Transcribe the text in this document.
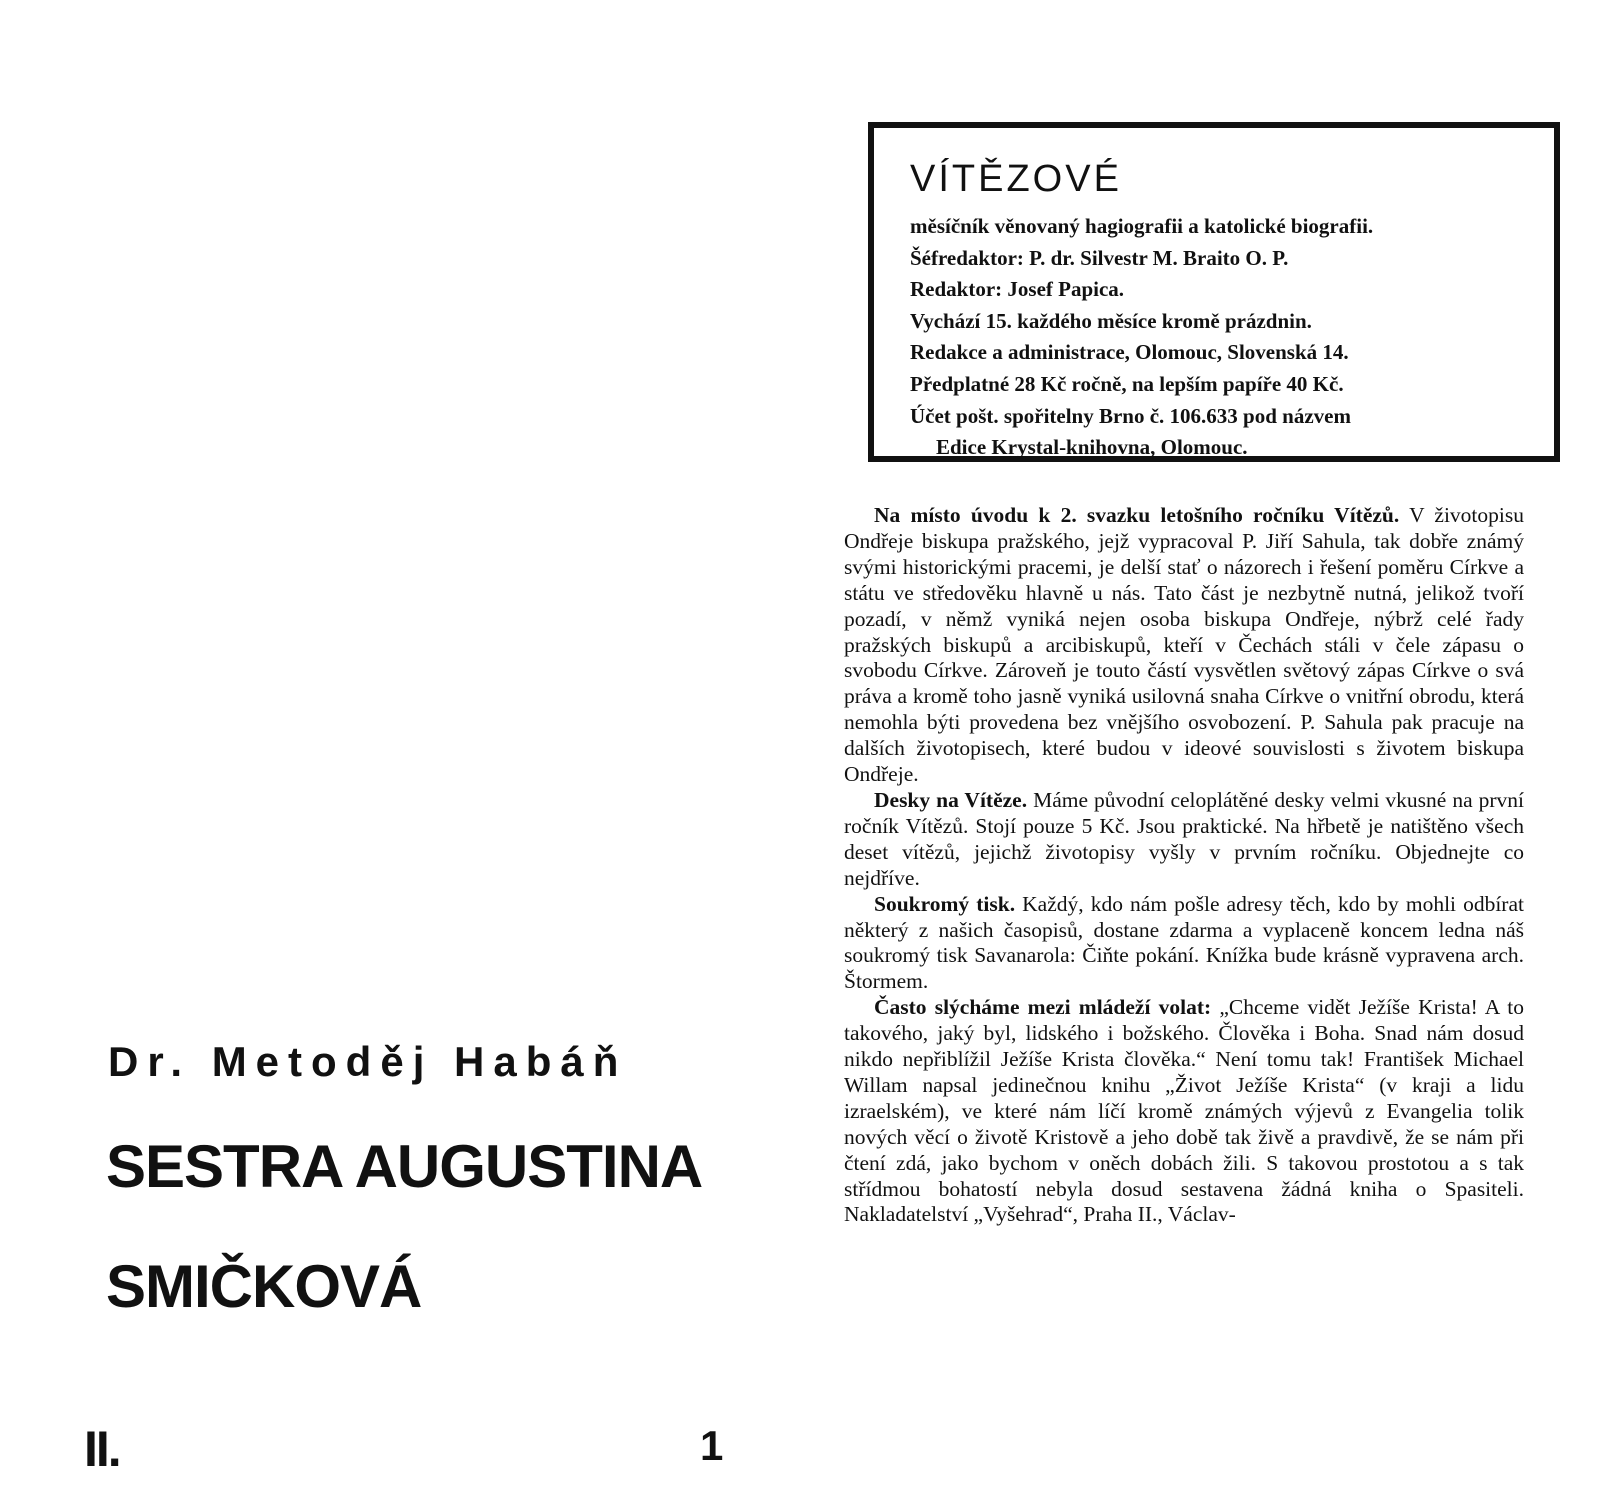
Dr. Metoděj Habáň
SESTRA AUGUSTINA
SMIČKOVÁ
II.	1
VÍTĚZOVÉ
měsíčník věnovaný hagiografii a katolické biografii.
Šéfredaktor: P. dr. Silvestr M. Braito O. P.
Redaktor: Josef Papica.
Vychází 15. každého měsíce kromě prázdnin.
Redakce a administrace, Olomouc, Slovenská 14.
Předplatné 28 Kč ročně, na lepším papíře 40 Kč.
Účet pošt. spořitelny Brno č. 106.633 pod názvem
Edice Krystal-knihovna, Olomouc.

Na místo úvodu k 2. svazku letošního ročníku Vítězů. V životopisu Ondřeje biskupa pražského, jejž vypracoval P. Jiří Sahula, tak dobře známý svými historickými pracemi, je delší stať o názorech i řešení poměru Církve a státu ve středověku hlavně u nás. Tato část je nezbytně nutná, jelikož tvoří pozadí, v němž vyniká nejen osoba biskupa Ondřeje, nýbrž celé řady pražských biskupů a arcibiskupů, kteří v Čechách stáli v čele zápasu o svobodu Církve. Zároveň je touto částí vysvětlen světový zápas Církve o svá práva a kromě toho jasně vyniká usilovná snaha Církve o vnitřní obrodu, která nemohla býti provedena bez vnějšího osvobození. P. Sahula pak pracuje na dalších životopisech, které budou v ideové souvislosti s životem biskupa Ondřeje.

Desky na Vítěze. Máme původní celoplátěné desky velmi vkusné na první ročník Vítězů. Stojí pouze 5 Kč. Jsou praktické. Na hřbetě je natištěno všech deset vítězů, jejichž životopisy vyšly v prvním ročníku. Objednejte co nejdříve.

Soukromý tisk. Každý, kdo nám pošle adresy těch, kdo by mohli odbírat některý z našich časopisů, dostane zdarma a vyplaceně koncem ledna náš soukromý tisk Savanarola: Čiňte pokání. Knížka bude krásně vypravena arch. Štormem.

Často slýcháme mezi mládeží volat: „Chceme vidět Ježíše Krista! A to takového, jaký byl, lidského i božského. Člověka i Boha. Snad nám dosud nikdo nepřiblížil Ježíše Krista člověka.“ Není tomu tak! František Michael Willam napsal jedinečnou knihu „Život Ježíše Krista“ (v kraji a lidu izraelském), ve které nám líčí kromě známých výjevů z Evangelia tolik nových věcí o životě Kristově a jeho době tak živě a pravdivě, že se nám při čtení zdá, jako bychom v oněch dobách žili. S takovou prostotou a s tak střídmou bohatostí nebyla dosud sestavena žádná kniha o Spasiteli. Nakladatelství „Vyšehrad“, Praha II., Václav-
